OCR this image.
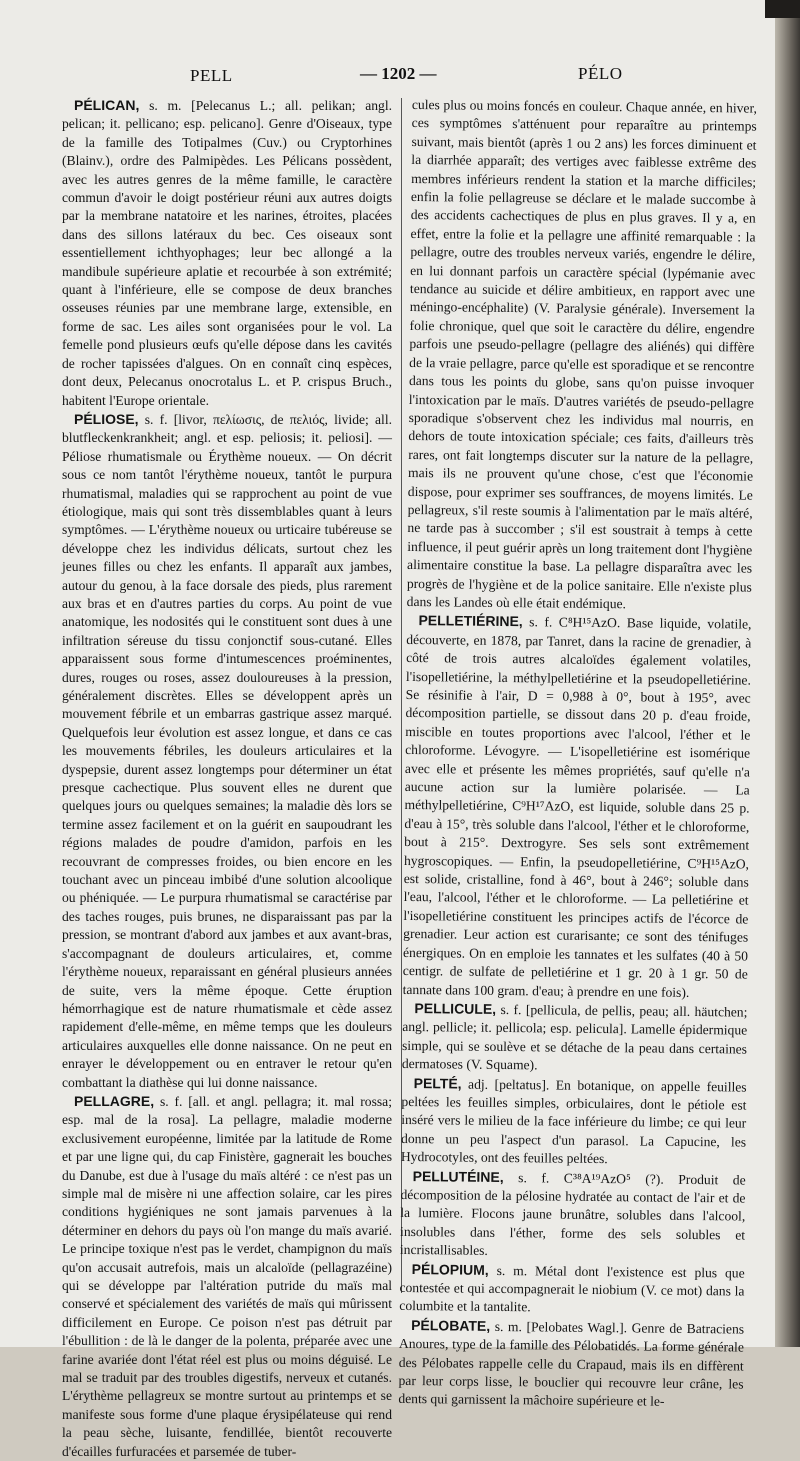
PELL	— 1202 —	PÉLO

PÉLICAN, s. m. [Pelecanus L.; all. pelikan; angl. pelican; it. pellicano; esp. pelicano]. Genre d'Oiseaux, type de la famille des Totipalmes (Cuv.) ou Cryptorhines (Blainv.), ordre des Palmipèdes. Les Pélicans possèdent, avec les autres genres de la même famille, le caractère commun d'avoir le doigt postérieur réuni aux autres doigts par la membrane natatoire et les narines, étroites, placées dans des sillons latéraux du bec. Ces oiseaux sont essentiellement ichthyophages; leur bec allongé a la mandibule supérieure aplatie et recourbée à son extrémité; quant à l'inférieure, elle se compose de deux branches osseuses réunies par une membrane large, extensible, en forme de sac. Les ailes sont organisées pour le vol. La femelle pond plusieurs œufs qu'elle dépose dans les cavités de rocher tapissées d'algues. On en connaît cinq espèces, dont deux, Pelecanus onocrotalus L. et P. crispus Bruch., habitent l'Europe orientale.

PÉLIOSE, s. f. [livor, πελίωσις, de πελιός, livide; all. blutfleckenkrankheit; angl. et esp. peliosis; it. peliosi]. — Péliose rhumatismale ou Érythème noueux. — On décrit sous ce nom tantôt l'érythème noueux, tantôt le purpura rhumatismal, maladies qui se rapprochent au point de vue étiologique, mais qui sont très dissemblables quant à leurs symptômes. — L'érythème noueux ou urticaire tubéreuse se développe chez les individus délicats, surtout chez les jeunes filles ou chez les enfants. Il apparaît aux jambes, autour du genou, à la face dorsale des pieds, plus rarement aux bras et en d'autres parties du corps. Au point de vue anatomique, les nodosités qui le constituent sont dues à une infiltration séreuse du tissu conjonctif sous-cutané. Elles apparaissent sous forme d'intumescences proéminentes, dures, rouges ou roses, assez douloureuses à la pression, généralement discrètes. Elles se développent après un mouvement fébrile et un embarras gastrique assez marqué. Quelquefois leur évolution est assez longue, et dans ce cas les mouvements fébriles, les douleurs articulaires et la dyspepsie, durent assez longtemps pour déterminer un état presque cachectique. Plus souvent elles ne durent que quelques jours ou quelques semaines; la maladie dès lors se termine assez facilement et on la guérit en saupoudrant les régions malades de poudre d'amidon, parfois en les recouvrant de compresses froides, ou bien encore en les touchant avec un pinceau imbibé d'une solution alcoolique ou phéniquée. — Le purpura rhumatismal se caractérise par des taches rouges, puis brunes, ne disparaissant pas par la pression, se montrant d'abord aux jambes et aux avant-bras, s'accompagnant de douleurs articulaires, et, comme l'érythème noueux, reparaissant en général plusieurs années de suite, vers la même époque. Cette éruption hémorrhagique est de nature rhumatismale et cède assez rapidement d'elle-même, en même temps que les douleurs articulaires auxquelles elle donne naissance. On ne peut en enrayer le développement ou en entraver le retour qu'en combattant la diathèse qui lui donne naissance.

PELLAGRE, s. f. [all. et angl. pellagra; it. mal rossa; esp. mal de la rosa]. La pellagre, maladie moderne exclusivement européenne, limitée par la latitude de Rome et par une ligne qui, du cap Finistère, gagnerait les bouches du Danube, est due à l'usage du maïs altéré : ce n'est pas un simple mal de misère ni une affection solaire, car les pires conditions hygiéniques ne sont jamais parvenues à la déterminer en dehors du pays où l'on mange du maïs avarié. Le principe toxique n'est pas le verdet, champignon du maïs qu'on accusait autrefois, mais un alcaloïde (pellagrazéine) qui se développe par l'altération putride du maïs mal conservé et spécialement des variétés de maïs qui mûrissent difficilement en Europe. Ce poison n'est pas détruit par l'ébullition : de là le danger de la polenta, préparée avec une farine avariée dont l'état réel est plus ou moins déguisé. Le mal se traduit par des troubles digestifs, nerveux et cutanés. L'érythème pellagreux se montre surtout au printemps et se manifeste sous forme d'une plaque érysipélateuse qui rend la peau sèche, luisante, fendillée, bientôt recouverte d'écailles furfuracées et parsemée de tuber-

cules plus ou moins foncés en couleur. Chaque année, en hiver, ces symptômes s'atténuent pour reparaître au printemps suivant, mais bientôt (après 1 ou 2 ans) les forces diminuent et la diarrhée apparaît; des vertiges avec faiblesse extrême des membres inférieurs rendent la station et la marche difficiles; enfin la folie pellagreuse se déclare et le malade succombe à des accidents cachectiques de plus en plus graves. Il y a, en effet, entre la folie et la pellagre une affinité remarquable : la pellagre, outre des troubles nerveux variés, engendre le délire, en lui donnant parfois un caractère spécial (lypémanie avec tendance au suicide et délire ambitieux, en rapport avec une méningo-encéphalite) (V. Paralysie générale). Inversement la folie chronique, quel que soit le caractère du délire, engendre parfois une pseudo-pellagre (pellagre des aliénés) qui diffère de la vraie pellagre, parce qu'elle est sporadique et se rencontre dans tous les points du globe, sans qu'on puisse invoquer l'intoxication par le maïs. D'autres variétés de pseudo-pellagre sporadique s'observent chez les individus mal nourris, en dehors de toute intoxication spéciale; ces faits, d'ailleurs très rares, ont fait longtemps discuter sur la nature de la pellagre, mais ils ne prouvent qu'une chose, c'est que l'économie dispose, pour exprimer ses souffrances, de moyens limités. Le pellagreux, s'il reste soumis à l'alimentation par le maïs altéré, ne tarde pas à succomber ; s'il est soustrait à temps à cette influence, il peut guérir après un long traitement dont l'hygiène alimentaire constitue la base. La pellagre disparaîtra avec les progrès de l'hygiène et de la police sanitaire. Elle n'existe plus dans les Landes où elle était endémique.

PELLETIÉRINE, s. f. C⁸H¹⁵AzO. Base liquide, volatile, découverte, en 1878, par Tanret, dans la racine de grenadier, à côté de trois autres alcaloïdes également volatiles, l'isopelletiérine, la méthylpelletiérine et la pseudopelletiérine. Se résinifie à l'air, D = 0,988 à 0°, bout à 195°, avec décomposition partielle, se dissout dans 20 p. d'eau froide, miscible en toutes proportions avec l'alcool, l'éther et le chloroforme. Lévogyre. — L'isopelletiérine est isomérique avec elle et présente les mêmes propriétés, sauf qu'elle n'a aucune action sur la lumière polarisée. — La méthylpelletiérine, C⁹H¹⁷AzO, est liquide, soluble dans 25 p. d'eau à 15°, très soluble dans l'alcool, l'éther et le chloroforme, bout à 215°. Dextrogyre. Ses sels sont extrêmement hygroscopiques. — Enfin, la pseudopelletiérine, C⁹H¹⁵AzO, est solide, cristalline, fond à 46°, bout à 246°; soluble dans l'eau, l'alcool, l'éther et le chloroforme. — La pelletiérine et l'isopelletiérine constituent les principes actifs de l'écorce de grenadier. Leur action est curarisante; ce sont des ténifuges énergiques. On en emploie les tannates et les sulfates (40 à 50 centigr. de sulfate de pelletiérine et 1 gr. 20 à 1 gr. 50 de tannate dans 100 gram. d'eau; à prendre en une fois).

PELLICULE, s. f. [pellicula, de pellis, peau; all. häutchen; angl. pellicle; it. pellicola; esp. pelicula]. Lamelle épidermique simple, qui se soulève et se détache de la peau dans certaines dermatoses (V. Squame).

PELTÉ, adj. [peltatus]. En botanique, on appelle feuilles peltées les feuilles simples, orbiculaires, dont le pétiole est inséré vers le milieu de la face inférieure du limbe; ce qui leur donne un peu l'aspect d'un parasol. La Capucine, les Hydrocotyles, ont des feuilles peltées.

PELLUTÉINE, s. f. C³⁸A¹⁹AzO⁵ (?). Produit de décomposition de la pélosine hydratée au contact de l'air et de la lumière. Flocons jaune brunâtre, solubles dans l'alcool, insolubles dans l'éther, forme des sels solubles et incristallisables.

PÉLOPIUM, s. m. Métal dont l'existence est plus que contestée et qui accompagnerait le niobium (V. ce mot) dans la columbite et la tantalite.

PÉLOBATE, s. m. [Pelobates Wagl.]. Genre de Batraciens Anoures, type de la famille des Pélobatidés. La forme générale des Pélobates rappelle celle du Crapaud, mais ils en diffèrent par leur corps lisse, le bouclier qui recouvre leur crâne, les dents qui garnissent la mâchoire supérieure et le-
